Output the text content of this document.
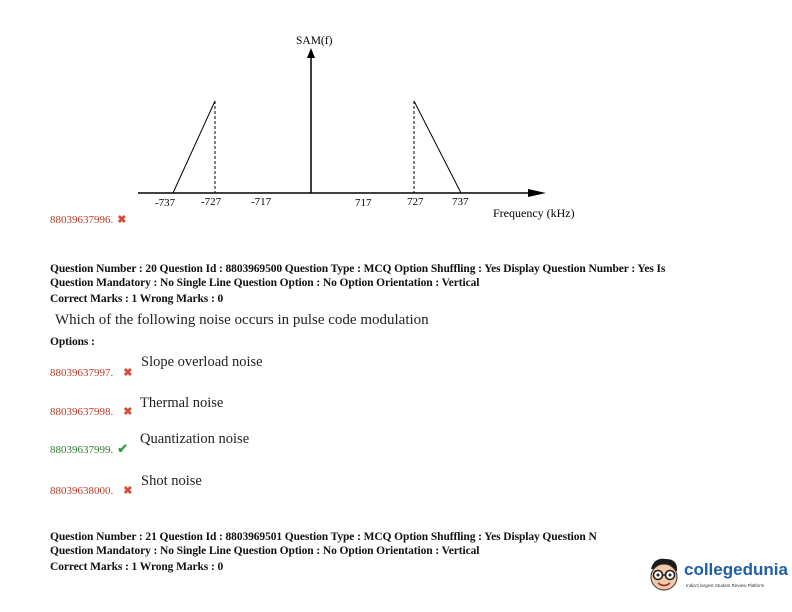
SAM(f)
-737 -727	-717	717	727	737
Frequency (kHz)
88039637996. ✖
Question Number : 20 Question Id : 8803969500 Question Type : MCQ Option Shuffling : Yes Display Question Number : Yes Is
Question Mandatory : No Single Line Question Option : No Option Orientation : Vertical
Correct Marks : 1 Wrong Marks : 0
Which of the following noise occurs in pulse code modulation
Options :
88039637997. ✖
Slope overload noise
88039637998. ✖
Thermal noise
88039637999. ✔
Quantization noise
88039638000. ✖
Shot noise
Question Number : 21 Question Id : 8803969501 Question Type : MCQ Option Shuffling : Yes Display Question N
Question Mandatory : No Single Line Question Option : No Option Orientation : Vertical
Correct Marks : 1 Wrong Marks : 0	collegedunia
India's largest Student Review Platform
